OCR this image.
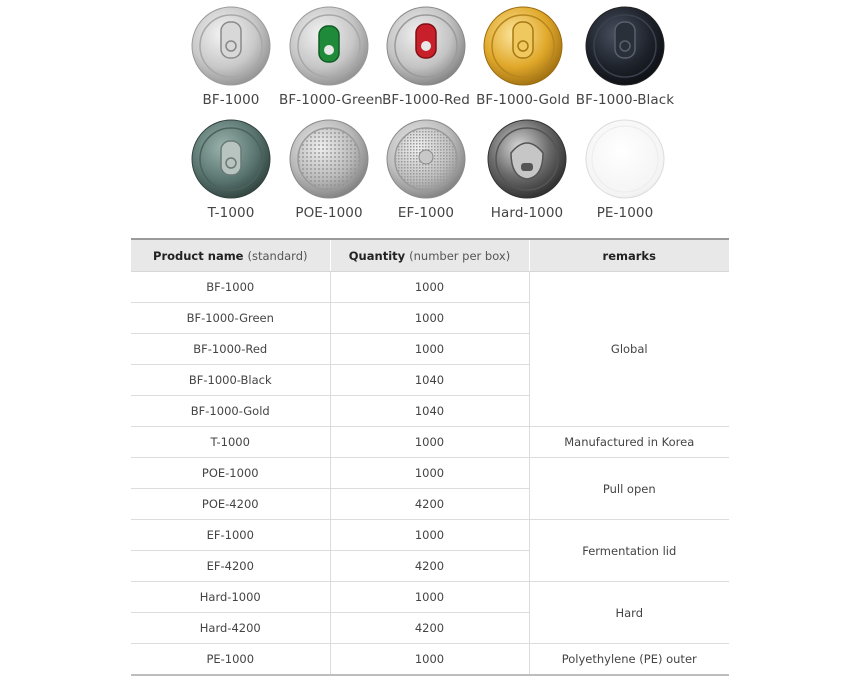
BF-1000	BF-1000-Green BF-1000-Red BF-1000-Gold BF-1000-Black
T-1000	POE-1000	EF-1000	Hard-1000	PE-1000
Product name (standard)	Quantity (number per box)	remarks
BF-1000	1000	Global
BF-1000-Green	1000	
BF-1000-Red	1000	
BF-1000-Black	1040	
BF-1000-Gold	1040	
T-1000	1000	Manufactured in Korea
POE-1000	1000	Pull open
POE-4200	4200	
EF-1000	1000	Fermentation lid
EF-4200	4200	
Hard-1000	1000	Hard
Hard-4200	4200	
PE-1000	1000	Polyethylene (PE) outer
